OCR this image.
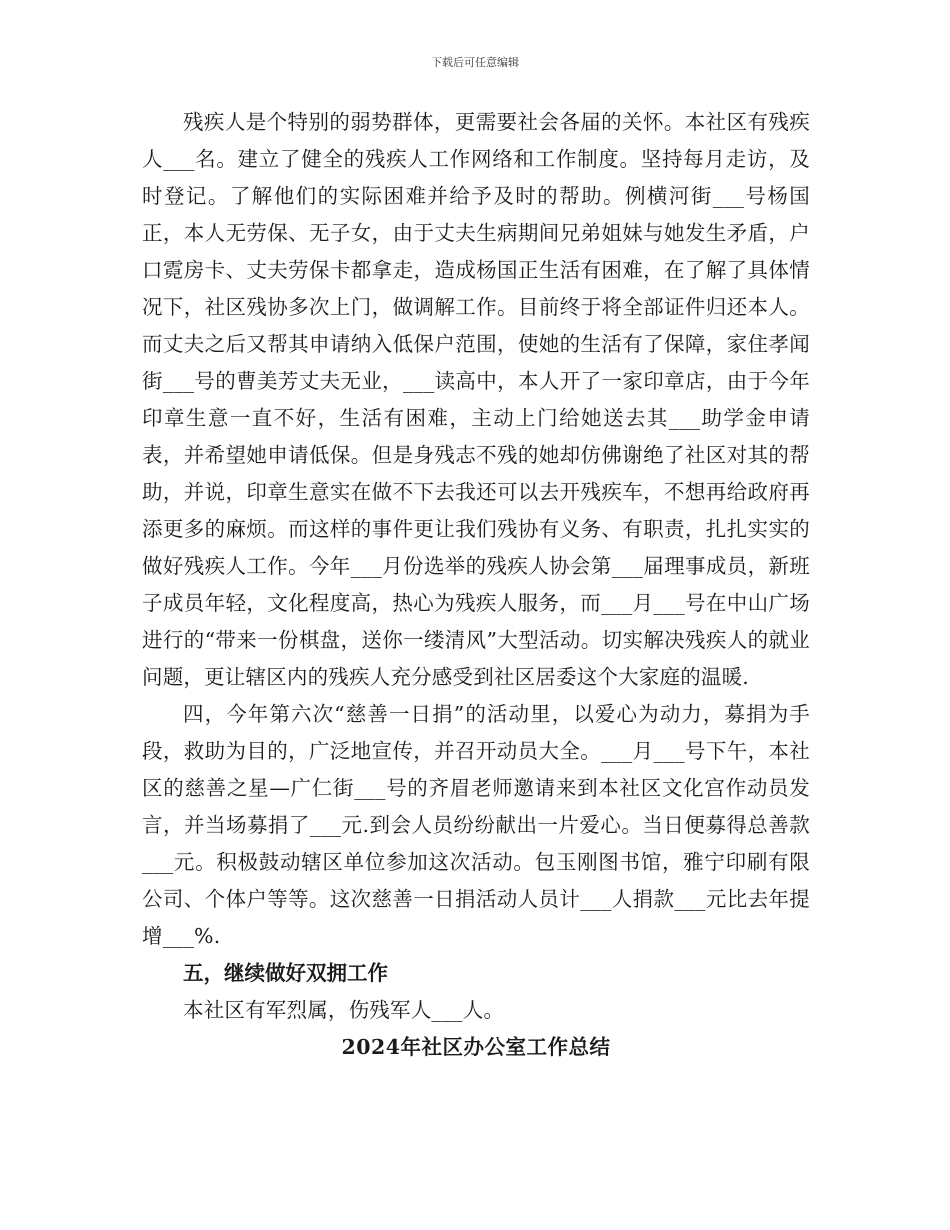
下载后可任意编辑

残疾人是个特别的弱势群体，更需要社会各届的关怀。本社区有残疾人___名。建立了健全的残疾人工作网络和工作制度。坚持每月走访，及时登记。了解他们的实际困难并给予及时的帮助。例横河街___号杨国正，本人无劳保、无子女，由于丈夫生病期间兄弟姐妹与她发生矛盾，户口霓房卡、丈夫劳保卡都拿走，造成杨国正生活有困难，在了解了具体情况下，社区残协多次上门，做调解工作。目前终于将全部证件归还本人。而丈夫之后又帮其申请纳入低保户范围，使她的生活有了保障，家住孝闻街___号的曹美芳丈夫无业，___读高中，本人开了一家印章店，由于今年印章生意一直不好，生活有困难，主动上门给她送去其___助学金申请表，并希望她申请低保。但是身残志不残的她却仿佛谢绝了社区对其的帮助，并说，印章生意实在做不下去我还可以去开残疾车，不想再给政府再添更多的麻烦。而这样的事件更让我们残协有义务、有职责，扎扎实实的做好残疾人工作。今年___月份选举的残疾人协会第___届理事成员，新班子成员年轻，文化程度高，热心为残疾人服务，而___月___号在中山广场进行的“带来一份棋盘，送你一缕清风”大型活动。切实解决残疾人的就业问题，更让辖区内的残疾人充分感受到社区居委这个大家庭的温暖.

四，今年第六次“慈善一日捐”的活动里，以爱心为动力，募捐为手段，救助为目的，广泛地宣传，并召开动员大全。___月___号下午，本社区的慈善之星—广仁街___号的齐眉老师邀请来到本社区文化宫作动员发言，并当场募捐了___元.到会人员纷纷献出一片爱心。当日便募得总善款___元。积极鼓动辖区单位参加这次活动。包玉刚图书馆，雅宁印刷有限公司、个体户等等。这次慈善一日捐活动人员计___人捐款___元比去年提增___%.

五，继续做好双拥工作

本社区有军烈属，伤残军人___人。

2024年社区办公室工作总结
